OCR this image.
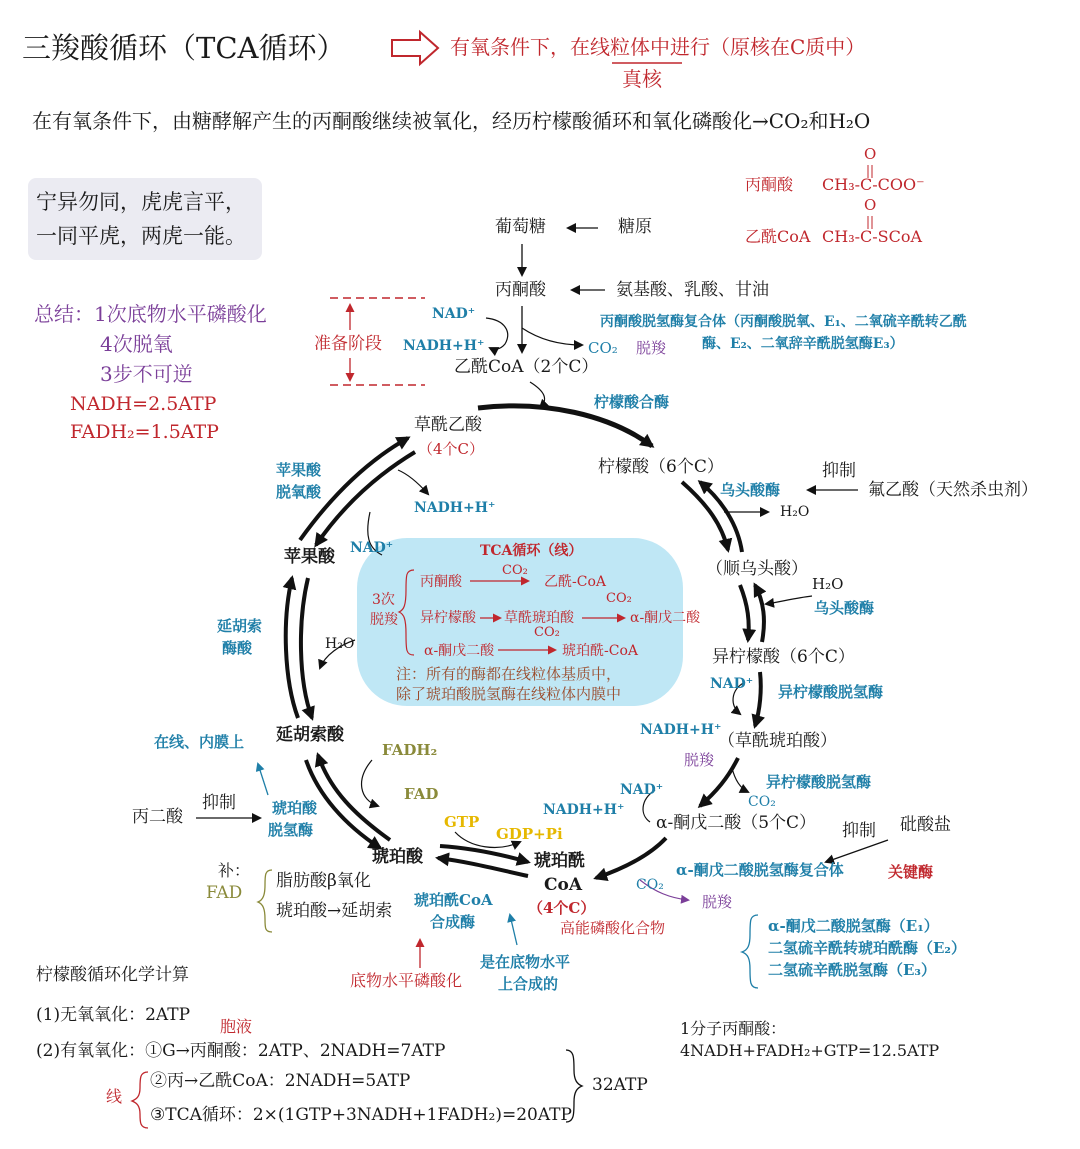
三羧酸循环（TCA循环）	有氧条件下，在线粒体中进行（原核在C质中）
真核
在有氧条件下，由糖酵解产生的丙酮酸继续被氧化，经历柠檬酸循环和氧化磷酸化→CO₂和H₂O
宁异勿同，虎虎言平，
一同平虎，两虎一能。
总结：1次底物水平磷酸化
4次脱氧
3步不可逆
NADH=2.5ATP
FADH₂=1.5ATP
O
丙酮酸 CH₃-C-COO⁻
O
乙酰CoA CH₃-C-SCoA
葡萄糖	糖原
丙酮酸	氨基酸、乳酸、甘油
准备阶段
NAD⁺
NADH+H⁺	CO₂ 脱羧
丙酮酸脱氢酶复合体（丙酮酸脱氧、E₁、二氧硫辛酰转乙酰
酶、E₂、二氧辞辛酰脱氢酶E₃）
乙酰CoA（2个C）
草酰乙酸
（4个C）
柠檬酸合酶
柠檬酸（6个C）
乌头酸酶
H₂O
抑制
氟乙酸（天然杀虫剂）
（顺乌头酸）
H₂O
乌头酸酶
异柠檬酸（6个C）
NAD⁺ 异柠檬酸脱氢酶
NADH+H⁺
（草酰琥珀酸）
脱羧
异柠檬酸脱氢酶
CO₂
NAD⁺
NADH+H⁺
α-酮戊二酸（5个C） 抑制 砒酸盐
α-酮戊二酸脱氢酶复合体	关键酶
CO₂
脱羧
α-酮戊二酸脱氢酶（E₁）
二氢硫辛酰转琥珀酰酶（E₂）
二氢硫辛酰脱氢酶（E₃）
琥珀酰
CoA
（4个C）
高能磷酸化合物
GTP
GDP+Pi
琥珀酸
琥珀酰CoA
合成酶
底物水平磷酸化
是在底物水平
上合成的
FADH₂
FAD
琥珀酸
脱氢酶
抑制
丙二酸
在线、内膜上 延胡索酸
延胡索
酶酸	H₂O
苹果酸
苹果酸
脱氧酸
NAD⁺
NADH+H⁺
补：
FAD
脂肪酸β氧化
琥珀酸→延胡索
TCA循环（线）
3次
脱羧
丙酮酸
CO₂
乙酰-CoA
异柠檬酸 草酰琥珀酸
CO₂
α-酮戊二酸
α-酮戊二酸
CO₂
琥珀酰-CoA
注：所有的酶都在线粒体基质中，
除了琥珀酸脱氢酶在线粒体内膜中
柠檬酸循环化学计算
(1)无氧氧化：2ATP
胞液
(2)有氧氧化：①G→丙酮酸：2ATP、2NADH=7ATP
线
②丙→乙酰CoA：2NADH=5ATP
③TCA循环：2×(1GTP+3NADH+1FADH₂)=20ATP
32ATP
1分子丙酮酸：
4NADH+FADH₂+GTP=12.5ATP
